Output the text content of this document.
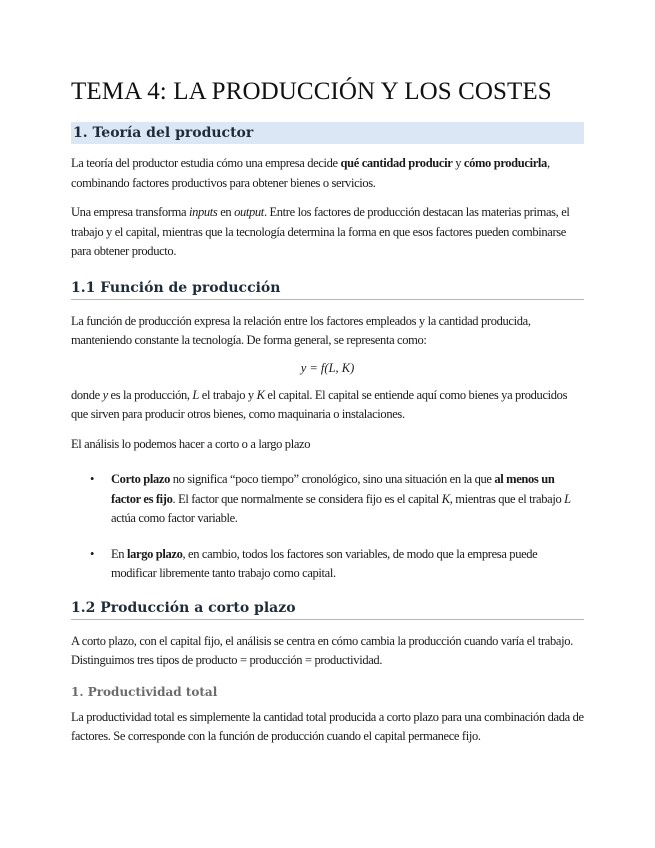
TEMA 4: LA PRODUCCIÓN Y LOS COSTES
1. Teoría del productor

La teoría del productor estudia cómo una empresa decide qué cantidad producir y cómo producirla, combinando factores productivos para obtener bienes o servicios.

Una empresa transforma inputs en output. Entre los factores de producción destacan las materias primas, el trabajo y el capital, mientras que la tecnología determina la forma en que esos factores pueden combinarse para obtener producto.

1.1 Función de producción

La función de producción expresa la relación entre los factores empleados y la cantidad producida, manteniendo constante la tecnología. De forma general, se representa como:

y = f(L, K)

donde y es la producción, L el trabajo y K el capital. El capital se entiende aquí como bienes ya producidos que sirven para producir otros bienes, como maquinaria o instalaciones.

El análisis lo podemos hacer a corto o a largo plazo

• Corto plazo no significa “poco tiempo” cronológico, sino una situación en la que al menos un factor es fijo. El factor que normalmente se considera fijo es el capital K, mientras que el trabajo L actúa como factor variable.
• En largo plazo, en cambio, todos los factores son variables, de modo que la empresa puede modificar libremente tanto trabajo como capital.
1.2 Producción a corto plazo

A corto plazo, con el capital fijo, el análisis se centra en cómo cambia la producción cuando varía el trabajo. Distinguimos tres tipos de producto = producción = productividad.

1. Productividad total

La productividad total es simplemente la cantidad total producida a corto plazo para una combinación dada de factores. Se corresponde con la función de producción cuando el capital permanece fijo.
